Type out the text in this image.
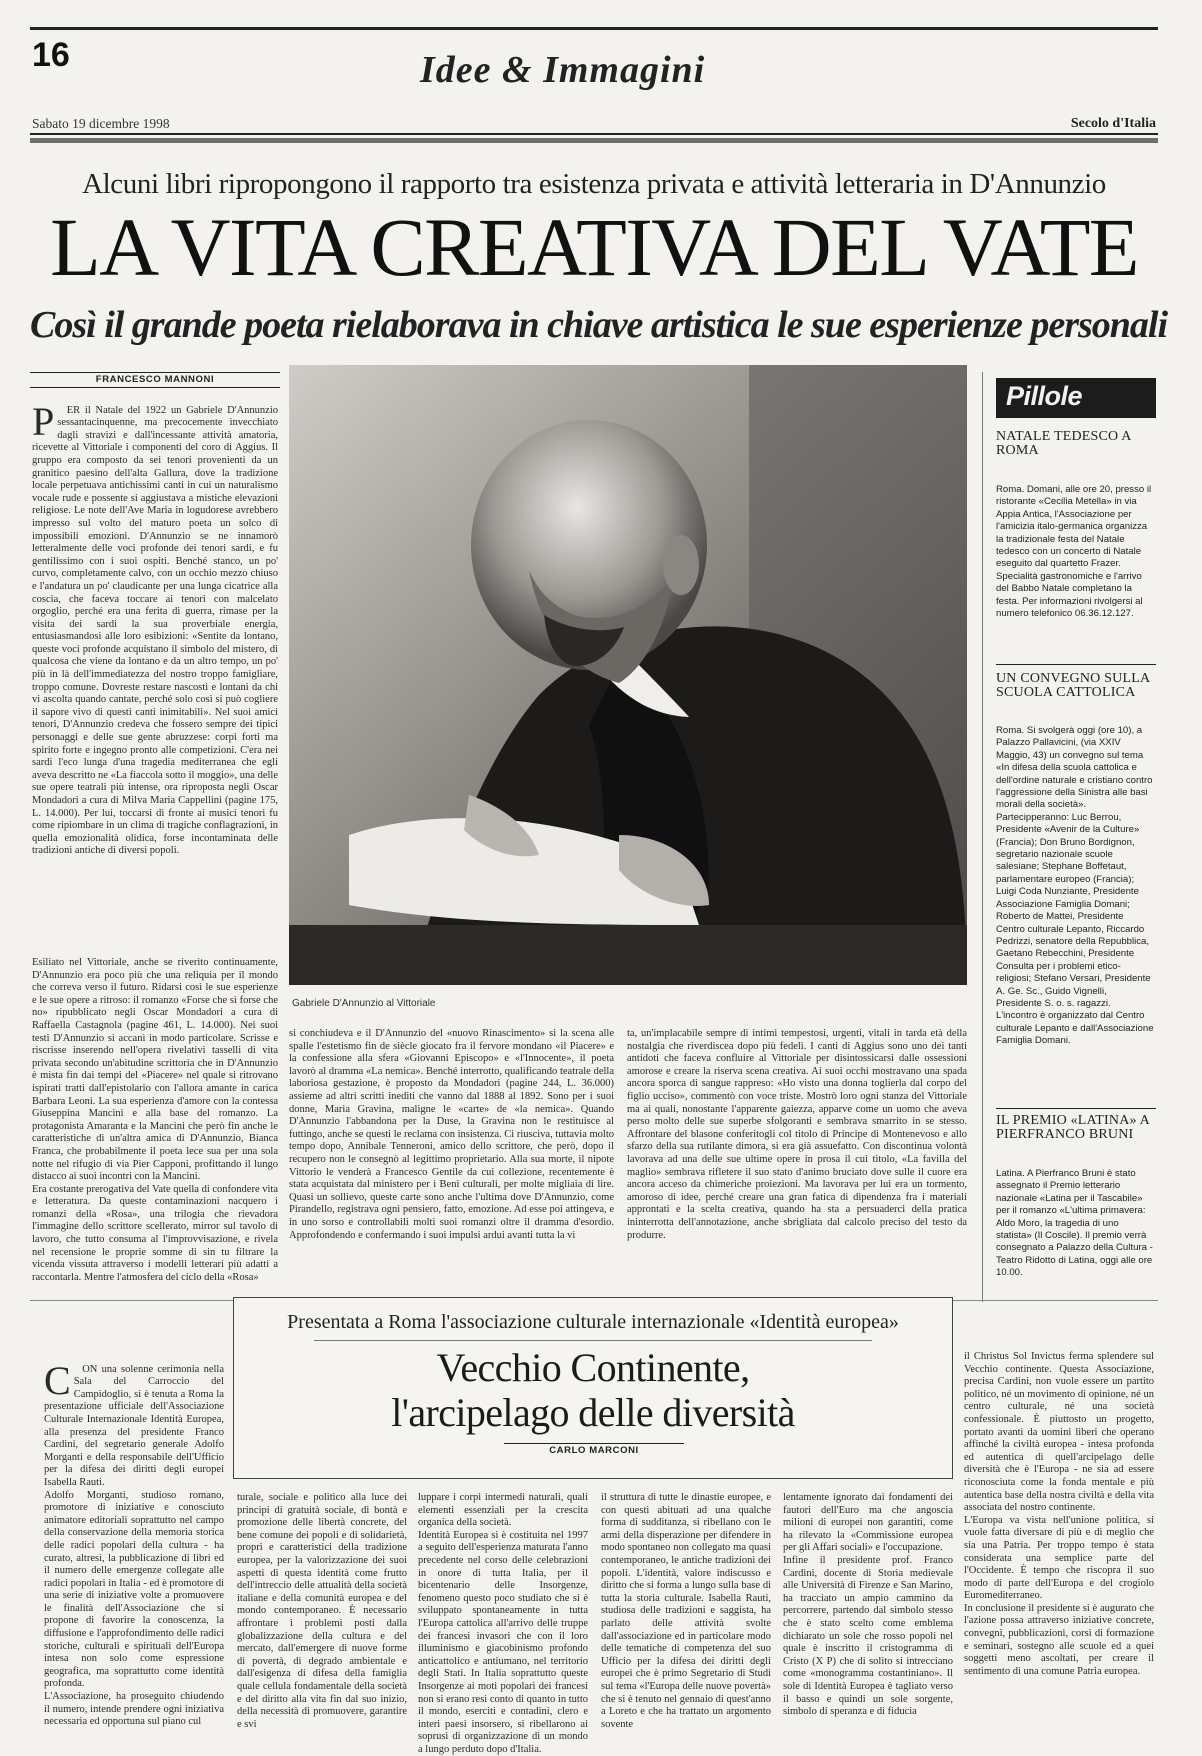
16	Idee & Immagini
Sabato 19 dicembre 1998	Secolo d'Italia
Alcuni libri ripropongono il rapporto tra esistenza privata e attività letteraria in D'Annunzio
LA VITA CREATIVA DEL VATE
Così il grande poeta rielaborava in chiave artistica le sue esperienze personali
FRANCESCO MANNONI

P ER il Natale del 1922 un Gabriele D'Annunzio sessantacinquenne, ma precocemente invecchiato dagli stravizi e dall'incessante attività amatoria, ricevette al Vittoriale i componenti del coro di Aggius. Il gruppo era composto da sei tenori provenienti da un granitico paesino dell'alta Gallura, dove la tradizione locale perpetuava antichissimi canti in cui un naturalismo vocale rude e possente si aggiustava a mistiche elevazioni religiose. Le note dell'Ave Maria in logudorese avrebbero impresso sul volto del maturo poeta un solco di impossibili emozioni. D'Annunzio se ne innamorò letteralmente delle voci profonde dei tenori sardi, e fu gentilissimo con i suoi ospiti. Benché stanco, un po' curvo, completamente calvo, con un occhio mezzo chiuso e l'andatura un po' claudicante per una lunga cicatrice alla coscia, che faceva toccare ai tenori con malcelato orgoglio, perché era una ferita di guerra, rimase per la visita dei sardi la sua proverbiale energia, entusiasmandosi alle loro esibizioni: «Sentite da lontano, queste voci profonde acquistano il simbolo del mistero, di qualcosa che viene da lontano e da un altro tempo, un po' più in là dell'immediatezza del nostro troppo famigliare, troppo comune. Dovreste restare nascosti e lontani da chi vi ascolta quando cantate, perché solo così si può cogliere il sapore vivo di questi canti inimitabili». Nel suoi amici tenori, D'Annunzio credeva che fossero sempre dei tipici personaggi e delle sue gente abruzzese: corpi forti ma spirito forte e ingegno pronto alle competizioni. C'era nei sardi l'eco lunga d'una tragedia mediterranea che egli aveva descritto ne «La fiaccola sotto il moggio», una delle sue opere teatrali più intense, ora riproposta negli Oscar Mondadori a cura di Milva Maria Cappellini (pagine 175, L. 14.000). Per lui, toccarsi di fronte ai musici tenori fu come ripiombare in un clima di tragiche conflagrazioni, in quella emozionalità olidica, forse incontaminata delle tradizioni antiche di diversi popoli.

Gabriele D'Annunzio al Vittoriale
Esiliato nel Vittoriale, anche se riverito continuamente, D'Annunzio era poco più che una reliquia per il mondo che correva verso il futuro. Ridarsi così le sue esperienze e le sue opere a ritroso: il romanzo «Forse che sì forse che no» ripubblicato negli Oscar Mondadori a cura di Raffaella Castagnola (pagine 461, L. 14.000). Nei suoi testi D'Annunzio si accanì in modo particolare. Scrisse e riscrisse inserendo nell'opera rivelativi tasselli di vita privata secondo un'abitudine scrittoria che in D'Annunzio è mista fin dai tempi del «Piacere» nel quale si ritrovano ispirati tratti dall'epistolario con l'allora amante in carica Barbara Leoni. La sua esperienza d'amore con la contessa Giuseppina Mancini e alla base del romanzo. La protagonista Amaranta e la Mancini che però fin anche le caratteristiche di un'altra amica di D'Annunzio, Bianca Franca, che probabilmente il poeta lece sua per una sola notte nel rifugio di via Pier Capponi, profittando il lungo distacco ai suoi incontri con la Mancini.
Era costante prerogativa del Vate quella di confondere vita e letteratura. Da queste contaminazioni nacquero i romanzi della «Rosa», una trilogia che rievadora l'immagine dello scrittore scellerato, mirror sul tavolo di lavoro, che tutto consuma al l'improvvisazione, e rivela nel recensione le proprie somme di sin tu filtrare la vicenda vissuta attraverso i modelli letterari più adatti a raccontarla. Mentre l'atmosfera del ciclo della «Rosa»
si conchiudeva e il D'Annunzio del «nuovo Rinascimento» si la scena alle spalle l'estetismo fin de siècle giocato fra il fervore mondano «il Piacere» e la confessione alla sfera «Giovanni Episcopo» e «l'Innocente», il poeta lavorò al dramma «La nemica». Benché interrotto, qualificando teatrale della laboriosa gestazione, è proposto da Mondadori (pagine 244, L. 36.000) assieme ad altri scritti inediti che vanno dal 1888 al 1892. Sono per i suoi donne, Maria Gravina, maligne le «carte» de «la nemica». Quando D'Annunzio l'abbandona per la Duse, la Gravina non le restituisce al futtingo, anche se questi le reclama con insistenza. Ci riusciva, tuttavia molto tempo dopo, Annibale Tenneroni, amico dello scrittore, che però, dopo il recupero non le consegnò al legittimo proprietario. Alla sua morte, il nipote Vittorio le venderà a Francesco Gentile da cui collezione, recentemente è stata acquistata dal ministero per i Beni culturali, per molte migliaia di lire. Quasi un sollievo, queste carte sono anche l'ultima dove D'Annunzio, come Pirandello, registrava ogni pensiero, fatto, emozione. Ad esse poi attingeva, e in uno sorso e controllabili molti suoi romanzi oltre il dramma d'esordio. Approfondendo e confermando i suoi impulsi ardui avanti tutta la vi
ta, un'implacabile sempre di intimi tempestosi, urgenti, vitali in tarda età della nostalgia che riverdiscea dopo più fedeli. I canti di Aggius sono uno dei tanti antidoti che faceva confluire al Vittoriale per disintossicarsi dalle ossessioni amorose e creare la riserva scena creativa. Ai suoi occhi mostravano una spada ancora sporca di sangue rappreso: «Ho visto una donna toglierla dal corpo del figlio ucciso», commentò con voce triste. Mostrò loro ogni stanza del Vittoriale ma ai quali, nonostante l'apparente gaiezza, apparve come un uomo che aveva perso molto delle sue superbe sfolgoranti e sembrava smarrito in se stesso. Affrontare del blasone conferitogli col titolo di Principe di Montenevoso e allo sfarzo della sua rutilante dimora, si era già assuefatto. Con discontinua volontà lavorava ad una delle sue ultime opere in prosa il cui titolo, «La favilla del maglio» sembrava rifletere il suo stato d'animo bruciato dove sulle il cuore era ancora acceso da chimeriche proiezioni. Ma lavorava per lui era un tormento, amoroso di idee, perché creare una gran fatica di dipendenza fra i materiali approntati e la scelta creativa, quando ha sta a persuaderci della pratica ininterrotta dell'annotazione, anche sbrigliata dal calcolo preciso del testo da produrre.
Pillole

NATALE TEDESCO A ROMA

Roma. Domani, alle ore 20, presso il ristorante «Cecilia Metella» in via Appia Antica, l'Associazione per l'amicizia italo-germanica organizza la tradizionale festa del Natale tedesco con un concerto di Natale eseguito dal quartetto Frazer. Specialità gastronomiche e l'arrivo del Babbo Natale completano la festa. Per informazioni rivolgersi al numero telefonico 06.36.12.127.

UN CONVEGNO SULLA SCUOLA CATTOLICA

Roma. Si svolgerà oggi (ore 10), a Palazzo Pallavicini, (via XXIV Maggio, 43) un convegno sul tema «In difesa della scuola cattolica e dell'ordine naturale e cristiano contro l'aggressione della Sinistra alle basi morali della società». Partecipperanno: Luc Berrou, Presidente «Avenir de la Culture» (Francia); Don Bruno Bordignon, segretario nazionale scuole salesiane; Stephane Boffetaut, parlamentare europeo (Francia); Luigi Coda Nunziante, Presidente Associazione Famiglia Domani; Roberto de Mattei, Presidente Centro culturale Lepanto, Riccardo Pedrizzi, senatore della Repubblica, Gaetano Rebecchini, Presidente Consulta per i problemi etico-religiosi; Stefano Versari, Presidente A. Ge. Sc., Guido Vignelli, Presidente S. o. s. ragazzi. L'incontro è organizzato dal Centro culturale Lepanto e dall'Associazione Famiglia Domani.

IL PREMIO «LATINA» A PIERFRANCO BRUNI

Latina. A Pierfranco Bruni è stato assegnato il Premio letterario nazionale «Latina per il Tascabile» per il romanzo «L'ultima primavera: Aldo Moro, la tragedia di uno statista» (Il Coscile). Il premio verrà consegnato a Palazzo della Cultura - Teatro Ridotto di Latina, oggi alle ore 10.00.

Presentata a Roma l'associazione culturale internazionale «Identità europea»
Vecchio Continente,
l'arcipelago delle diversità
CARLO MARCONI

C ON una solenne cerimonia nella Sala del Carroccio del Campidoglio, si è tenuta a Roma la presentazione ufficiale dell'Associazione Culturale Internazionale Identità Europea, alla presenza del presidente Franco Cardini, del segretario generale Adolfo Morganti e della responsabile dell'Ufficio per la difesa dei diritti degli europei Isabella Rauti.
Adolfo Morganti, studioso romano, promotore di iniziative e conosciuto animatore editoriali soprattutto nel campo della conservazione della memoria storica delle radici popolari della cultura - ha curato, altresì, la pubblicazione di libri ed il numero delle emergenze collegate alle radici popolari in Italia - ed è promotore di una serie di iniziative volte a promuovere le finalità dell'Associazione che si propone di favorire la conoscenza, la diffusione e l'approfondimento delle radici storiche, culturali e spirituali dell'Europa intesa non solo come espressione geografica, ma soprattutto come identità profonda.
L'Associazione, ha proseguito chiudendo il numero, intende prendere ogni iniziativa necessaria ed opportuna sul piano cul

turale, sociale e politico alla luce dei principi di gratuità sociale, di bontà e promozione delle libertà concrete, del bene comune dei popoli e di solidarietà, propri e caratteristici della tradizione europea, per la valorizzazione dei suoi aspetti di questa identità come frutto dell'intreccio delle attualità della società italiane e della comunità europea e del mondo contemporaneo. È necessario affrontare i problemi posti dalla globalizzazione della cultura e del mercato, dall'emergere di nuove forme di povertà, di degrado ambientale e dall'esigenza di difesa della famiglia quale cellula fondamentale della società e del diritto alla vita fin dal suo inizio, della necessità di promuovere, garantire e svi
luppare i corpi intermedi naturali, quali elementi essenziali per la crescita organica della società.
Identità Europea si è costituita nel 1997 a seguito dell'esperienza maturata l'anno precedente nel corso delle celebrazioni in onore di tutta Italia, per il bicentenario delle Insorgenze, fenomeno questo poco studiato che si è sviluppato spontaneamente in tutta l'Europa cattolica all'arrivo delle truppe dei francesi invasori che con il loro illuminismo e giacobinismo profondo anticattolico e antiumano, nel territorio degli Stati. In Italia soprattutto queste Insorgenze ai moti popolari dei francesi non si erano resi conto di quanto in tutto il mondo, eserciti e contadini, clero e interi paesi insorsero, si ribellarono ai soprusi di organizzazione di un mondo a lungo perduto dopo d'Italia.
il struttura di tutte le dinastie europee, e con questi abituati ad una qualche forma di sudditanza, si ribellano con le armi della disperazione per difendere in modo spontaneo non collegato ma quasi contemporaneo, le antiche tradizioni dei popoli. L'identità, valore indiscusso e diritto che si forma a lungo sulla base di tutta la storia culturale. Isabella Rauti, studiosa delle tradizioni e saggista, ha parlato delle attività svolte dall'associazione ed in particolare modo delle tematiche di competenza del suo Ufficio per la difesa dei diritti degli europei che è primo Segretario di Studi sul tema «l'Europa delle nuove povertà» che si è tenuto nel gennaio di quest'anno a Loreto e che ha trattato un argomento sovente
lentamente ignorato dai fondamenti dei fautori dell'Euro ma che angoscia milioni di europei non garantiti, come ha rilevato la «Commissione europea per gli Affari sociali» e l'occupazione.
Infine il presidente prof. Franco Cardini, docente di Storia medievale alle Università di Firenze e San Marino, ha tracciato un ampio cammino da percorrere, partendo dal simbolo stesso che è stato scelto come emblema dichiarato un sole che rosso popoli nel quale è inscritto il cristogramma di Cristo (X P) che di solito si intrecciano come «monogramma costantiniano». Il sole di Identità Europea è tagliato verso il basso e quindi un sole sorgente, simbolo di speranza e di fiducia
il Christus Sol Invictus ferma splendere sul Vecchio continente. Questa Associazione, precisa Cardini, non vuole essere un partito politico, né un movimento di opinione, né un centro culturale, né una società confessionale. È piuttosto un progetto, portato avanti da uomini liberi che operano affinché la civiltà europea - intesa profonda ed autentica di quell'arcipelago delle diversità che è l'Europa - ne sia ad essere riconosciuta come la fonda mentale e più autentica base della nostra civiltà e della vita associata del nostro continente.
L'Europa va vista nell'unione politica, si vuole fatta diversare di più e di meglio che sia una Patria. Per troppo tempo è stata considerata una semplice parte del l'Occidente. È tempo che riscopra il suo modo di parte dell'Europa e del crogiolo Euromediterraneo.
In conclusione il presidente si è augurato che l'azione possa attraverso iniziative concrete, convegni, pubblicazioni, corsi di formazione e seminari, sostegno alle scuole ed a quei soggetti meno ascoltati, per creare il sentimento di una comune Patria europea.
